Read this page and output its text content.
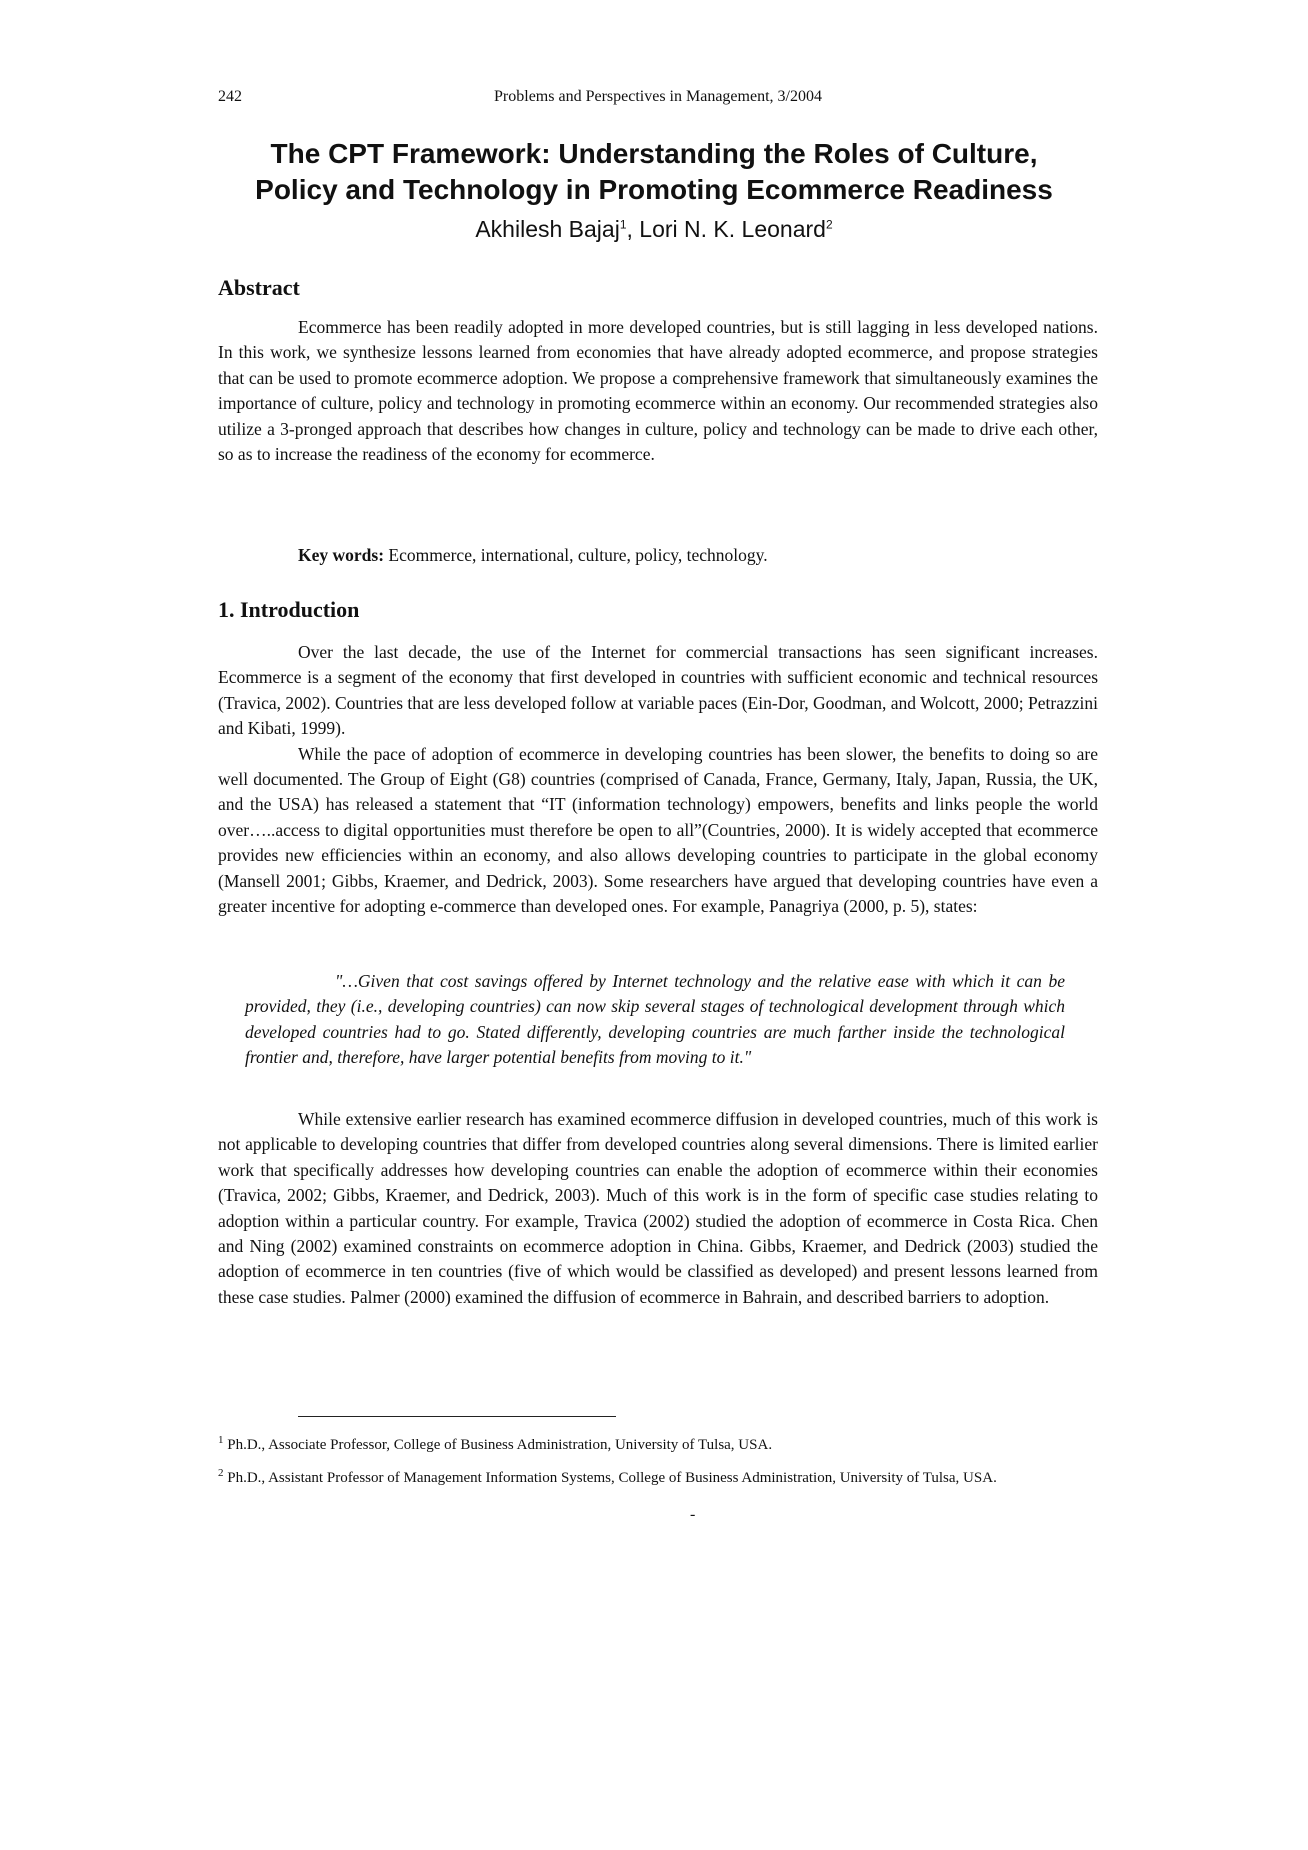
242	Problems and Perspectives in Management, 3/2004
The CPT Framework: Understanding the Roles of Culture,
Policy and Technology in Promoting Ecommerce Readiness
Akhilesh Bajaj$^1$, Lori N. K. Leonard$^2$
Abstract

Ecommerce has been readily adopted in more developed countries, but is still lagging in less developed nations. In this work, we synthesize lessons learned from economies that have already adopted ecommerce, and propose strategies that can be used to promote ecommerce adoption. We propose a comprehensive framework that simultaneously examines the importance of culture, policy and technology in promoting ecommerce within an economy. Our recommended strategies also utilize a 3-pronged approach that describes how changes in culture, policy and technology can be made to drive each other, so as to increase the readiness of the economy for ecommerce.

Key words: Ecommerce, international, culture, policy, technology.
1. Introduction

Over the last decade, the use of the Internet for commercial transactions has seen significant increases. Ecommerce is a segment of the economy that first developed in countries with sufficient economic and technical resources (Travica, 2002). Countries that are less developed follow at variable paces (Ein-Dor, Goodman, and Wolcott, 2000; Petrazzini and Kibati, 1999).

While the pace of adoption of ecommerce in developing countries has been slower, the benefits to doing so are well documented. The Group of Eight (G8) countries (comprised of Canada, France, Germany, Italy, Japan, Russia, the UK, and the USA) has released a statement that “IT (information technology) empowers, benefits and links people the world over…..access to digital opportunities must therefore be open to all”(Countries, 2000). It is widely accepted that ecommerce provides new efficiencies within an economy, and also allows developing countries to participate in the global economy (Mansell 2001; Gibbs, Kraemer, and Dedrick, 2003). Some researchers have argued that developing countries have even a greater incentive for adopting e-commerce than developed ones. For example, Panagriya (2000, p. 5), states:

"…Given that cost savings offered by Internet technology and the relative ease with which it can be provided, they (i.e., developing countries) can now skip several stages of technological development through which developed countries had to go. Stated differently, developing countries are much farther inside the technological frontier and, therefore, have larger potential benefits from moving to it."

While extensive earlier research has examined ecommerce diffusion in developed countries, much of this work is not applicable to developing countries that differ from developed countries along several dimensions. There is limited earlier work that specifically addresses how developing countries can enable the adoption of ecommerce within their economies (Travica, 2002; Gibbs, Kraemer, and Dedrick, 2003). Much of this work is in the form of specific case studies relating to adoption within a particular country. For example, Travica (2002) studied the adoption of ecommerce in Costa Rica. Chen and Ning (2002) examined constraints on ecommerce adoption in China. Gibbs, Kraemer, and Dedrick (2003) studied the adoption of ecommerce in ten countries (five of which would be classified as developed) and present lessons learned from these case studies. Palmer (2000) examined the diffusion of ecommerce in Bahrain, and described barriers to adoption.

$^1$ Ph.D., Associate Professor, College of Business Administration, University of Tulsa, USA.

$^2$ Ph.D., Assistant Professor of Management Information Systems, College of Business Administration, University of Tulsa, USA.

-
